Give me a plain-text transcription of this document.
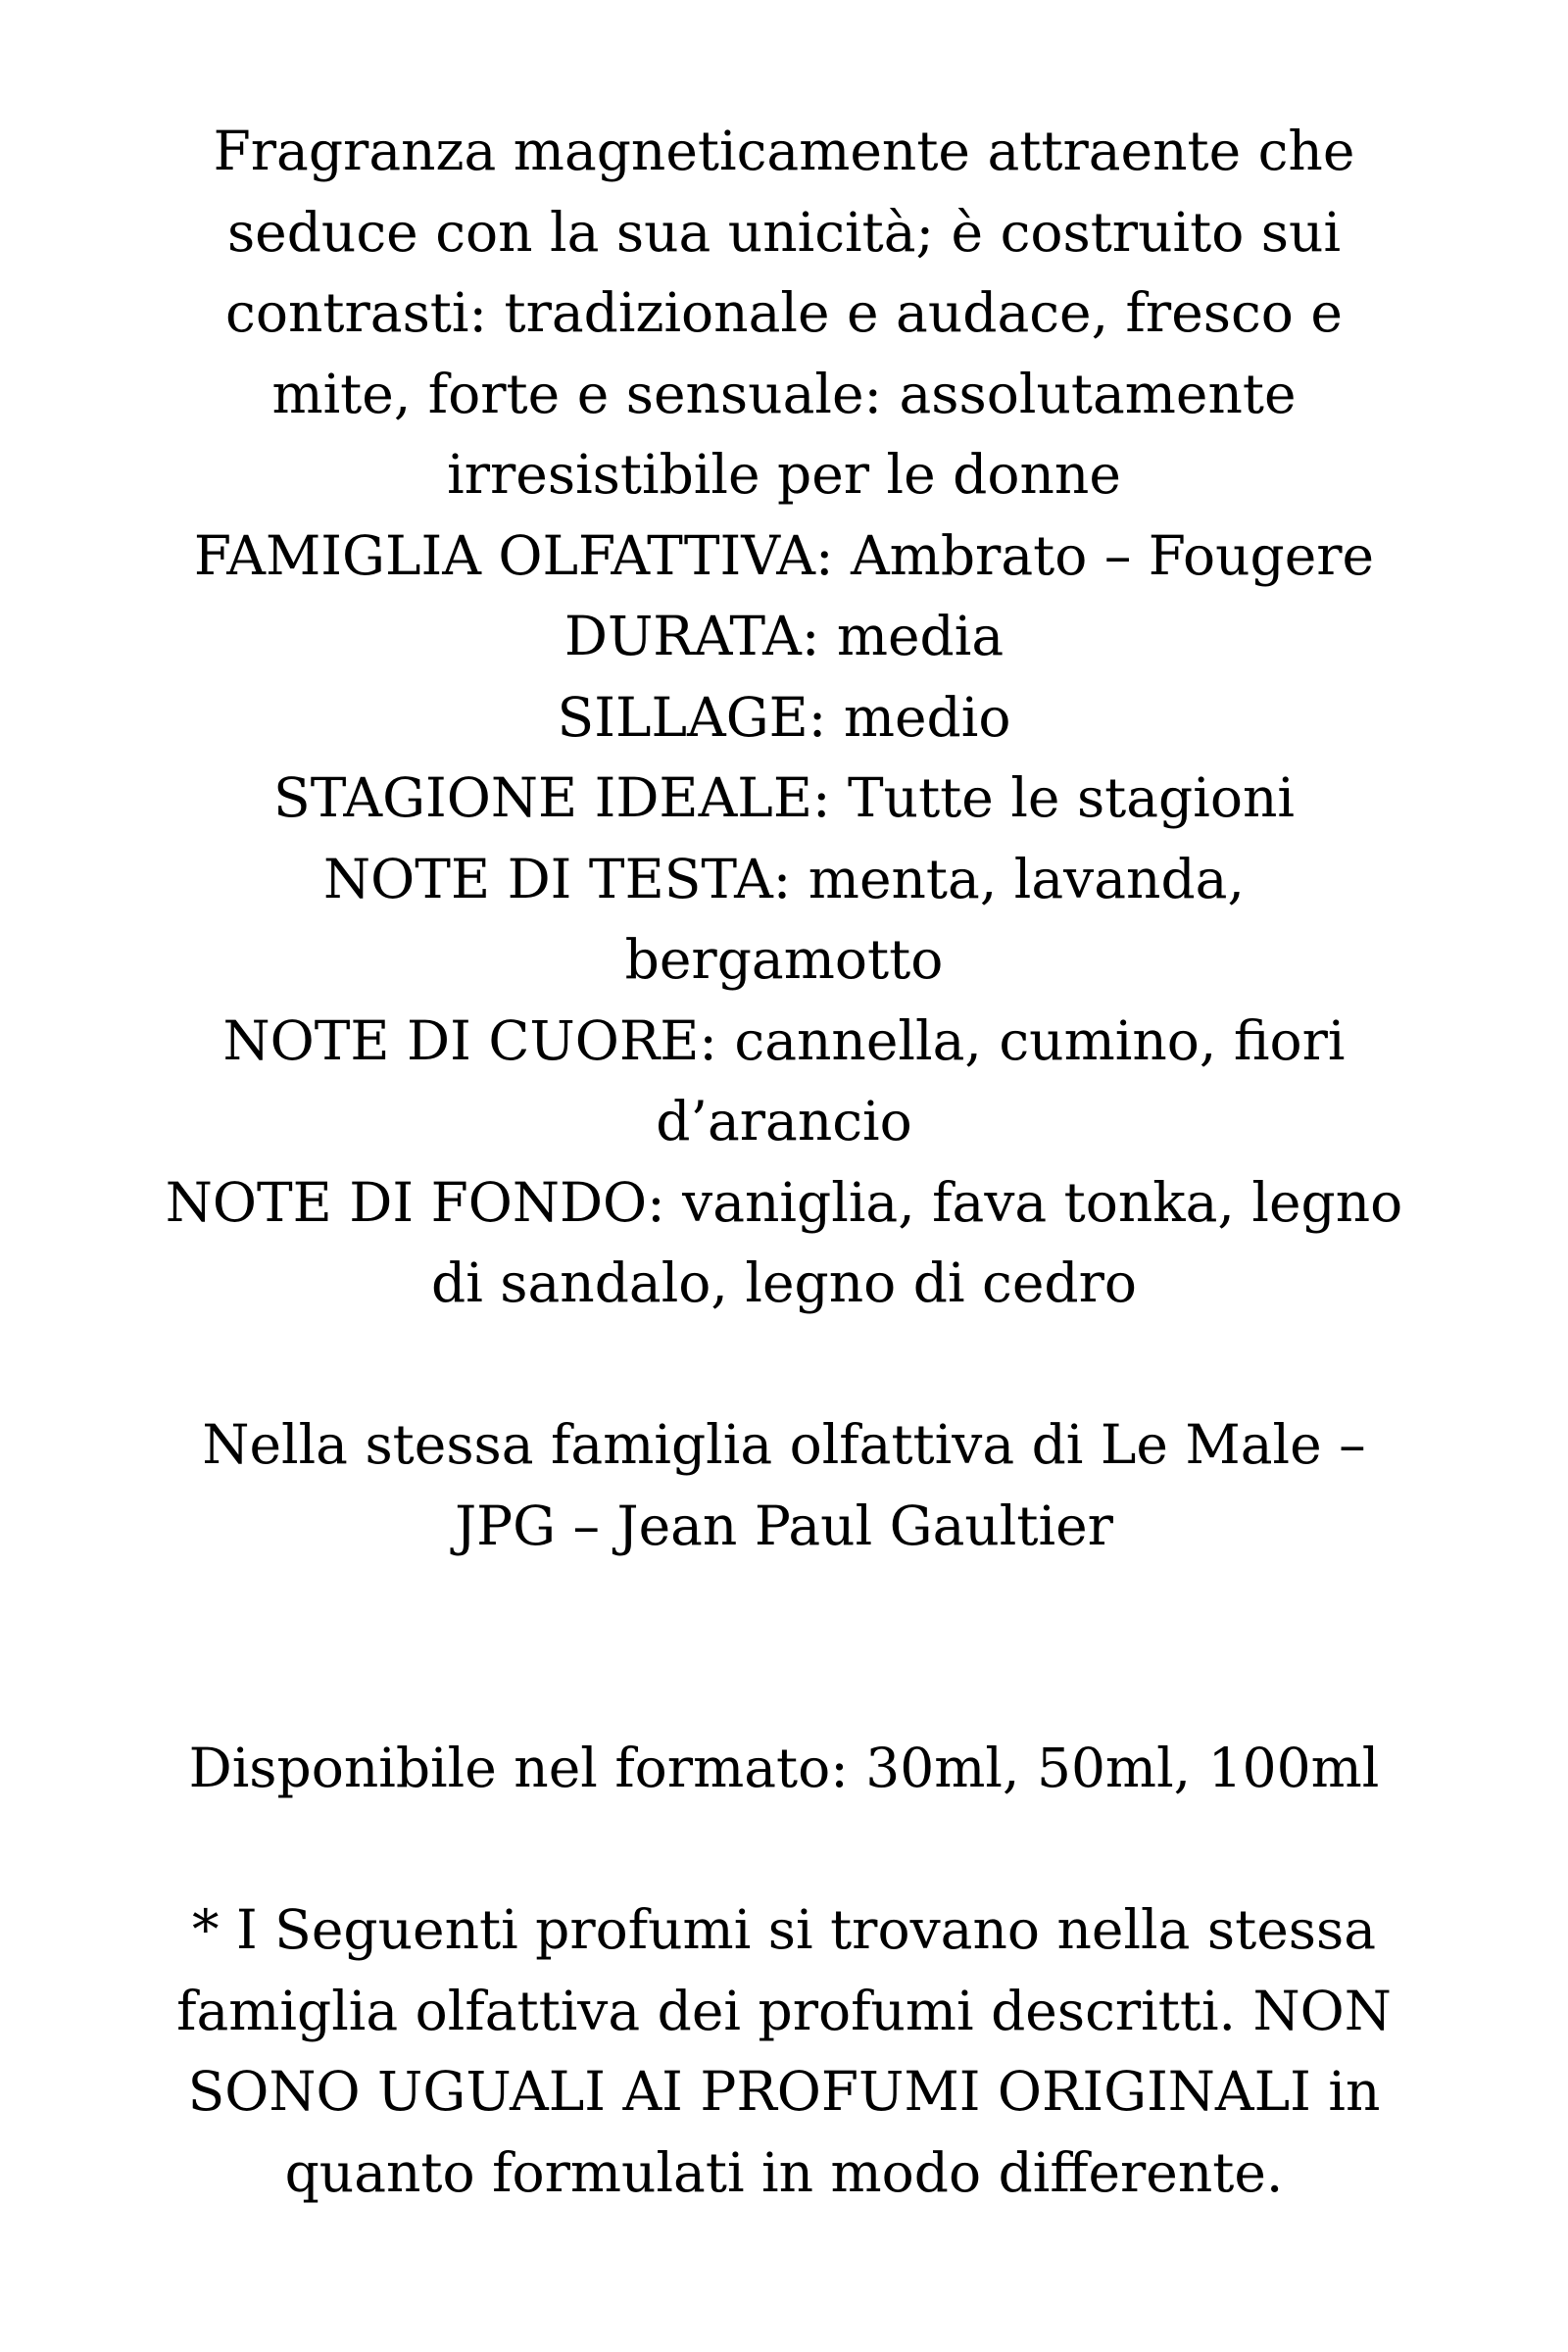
Fragranza magneticamente attraente che
seduce con la sua unicità; è costruito sui
contrasti: tradizionale e audace, fresco e
mite, forte e sensuale: assolutamente
irresistibile per le donne
FAMIGLIA OLFATTIVA: Ambrato – Fougere
DURATA: media
SILLAGE: medio
STAGIONE IDEALE: Tutte le stagioni
NOTE DI TESTA: menta, lavanda,
bergamotto
NOTE DI CUORE: cannella, cumino, fiori
d’arancio
NOTE DI FONDO: vaniglia, fava tonka, legno
di sandalo, legno di cedro

Nella stessa famiglia olfattiva di Le Male –
JPG – Jean Paul Gaultier

Disponibile nel formato: 30ml, 50ml, 100ml

* I Seguenti profumi si trovano nella stessa
famiglia olfattiva dei profumi descritti. NON
SONO UGUALI AI PROFUMI ORIGINALI in
quanto formulati in modo differente.
